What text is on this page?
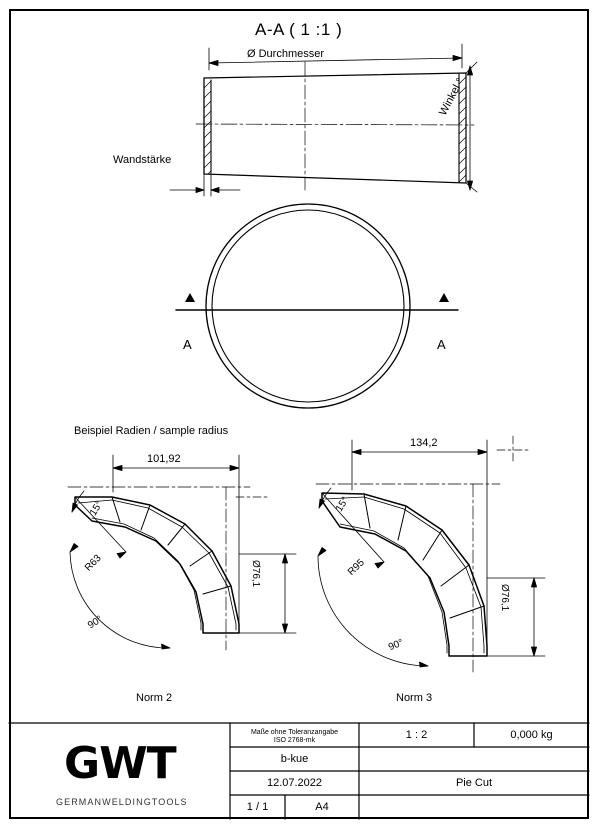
A-A ( 1 :1 )
Ø Durchmesser
Wandstärke
Winkel °
A	A
Beispiel Radien / sample radius
101,92
15°
R63
90°
Ø76,1
Norm 2
134,2
15°
R95
90°
Ø76,1
Norm 3
GWT
GERMANWELDINGTOOLS
Maße ohne Toleranzangabe
ISO 2768-mk	1 : 2	0,000 kg
b-kue
12.07.2022	Pie Cut
1 / 1	A4
